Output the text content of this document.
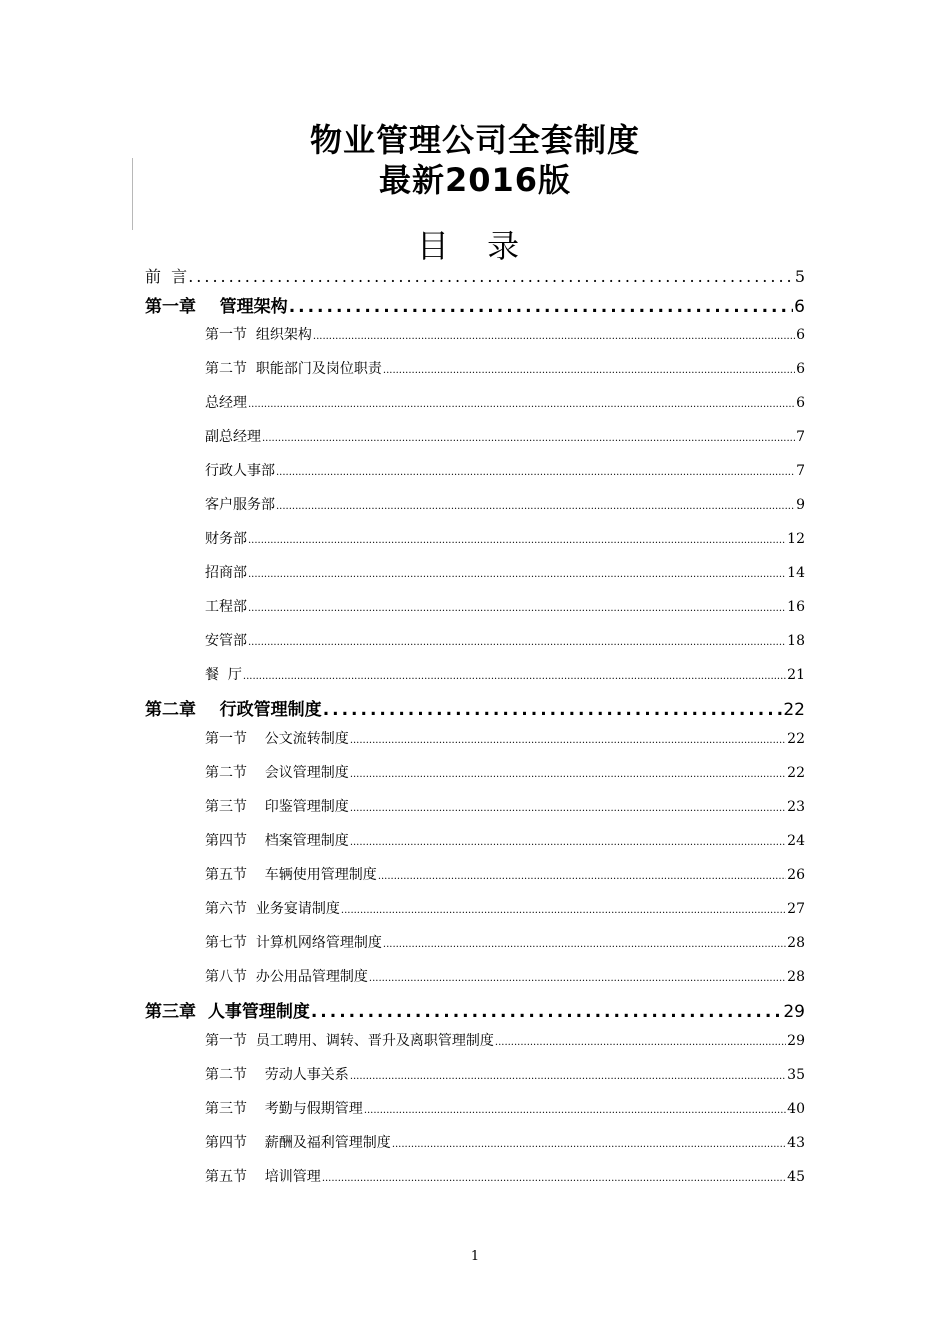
物业管理公司全套制度
最新2016版
目 录
前  言 .....	5
第一章    管理架构 .....	6
第一节  组织架构 .....	6
第二节  职能部门及岗位职责 .....	6
总经理 .....	6
副总经理 .....	7
行政人事部 .....	7
客户服务部 .....	9
财务部 .....	12
招商部 .....	14
工程部 .....	16
安管部 .....	18
餐  厅 .....	21
第二章    行政管理制度 .....	22
第一节    公文流转制度 .....	22
第二节    会议管理制度 .....	22
第三节    印鉴管理制度 .....	23
第四节    档案管理制度 .....	24
第五节    车辆使用管理制度 .....	26
第六节  业务宴请制度 .....	27
第七节  计算机网络管理制度 .....	28
第八节  办公用品管理制度 .....	28
第三章  人事管理制度 .....	29
第一节  员工聘用、调转、晋升及离职管理制度 .....	29
第二节    劳动人事关系 .....	35
第三节    考勤与假期管理 .....	40
第四节    薪酬及福利管理制度 .....	43
第五节    培训管理 .....	45
1
